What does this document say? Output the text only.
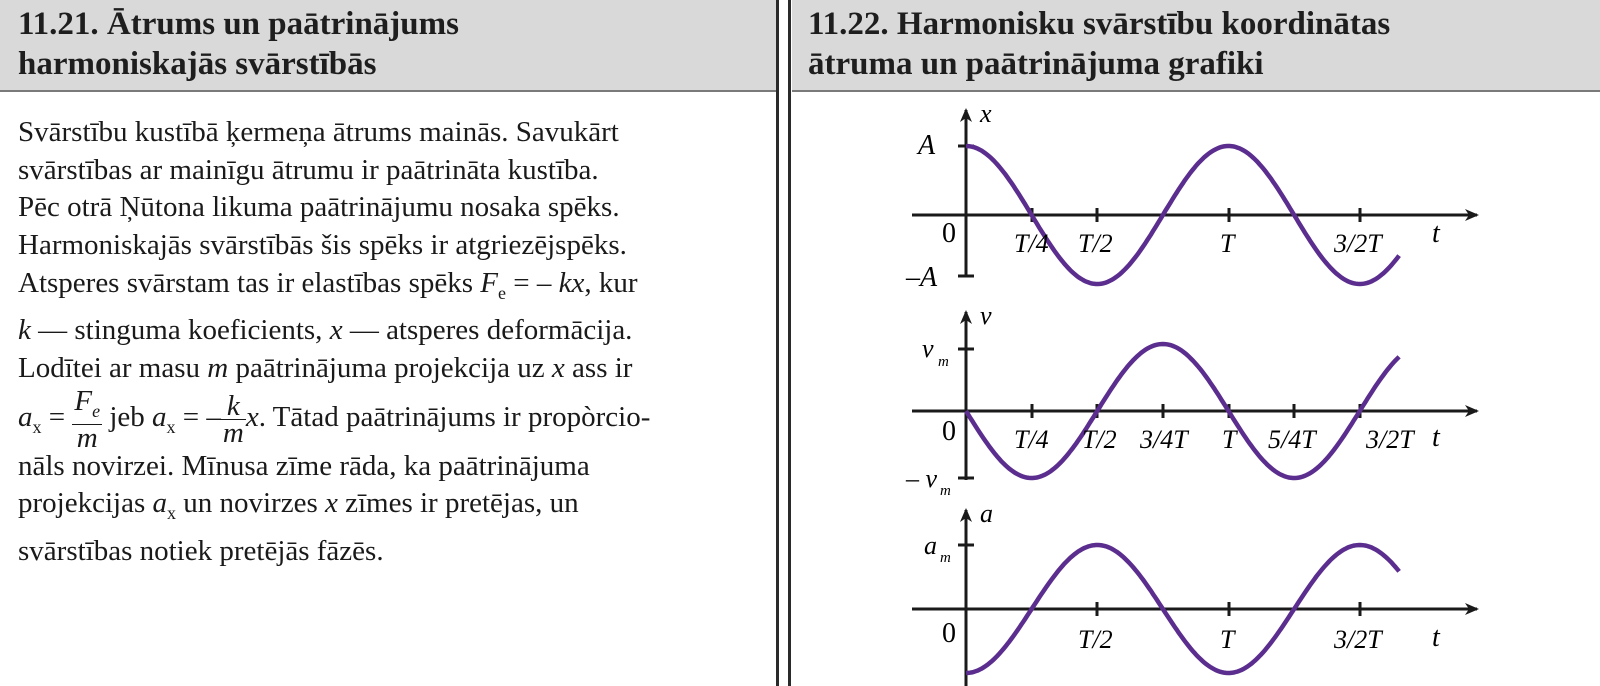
11.21. Ātrums un paātrinājums
harmoniskajās svārstībās
Svārstību kustībā ķermeņa ātrums mainās. Savukārt
svārstības ar mainīgu ātrumu ir paātrināta kustība.
Pēc otrā Ņūtona likuma paātrinājumu nosaka spēks.
Harmoniskajās svārstībās šis spēks ir atgriezējspēks.
Atsperes svārstam tas ir elastības spēks $F_e$ = – kx, kur
k — stinguma koeficients, x — atsperes deformācija.
Lodītei ar masu m paātrinājuma projekcija uz x ass ir
$a_x = \frac{F_e}{m}$ jeb $a_x$ = – $\frac{k}{m} x$. Tātad paātrinājums ir propòrcio-
nāls novirzei. Mīnusa zīme rāda, ka paātrinājuma
projekcijas $a_x$ un novirzes x zīmes ir pretējas, un
svārstības notiek pretējās fāzēs.
11.22. Harmonisku svārstību koordinātas
ātruma un paātrinājuma grafiki
x
t
A
0
–A
T/4 T/2	T	3/2T
v
t
v m
0
– v m
T/4 T/2 3/4T T 5/4T 3/2T
a
t
a m
0	T/2	T	3/2T
